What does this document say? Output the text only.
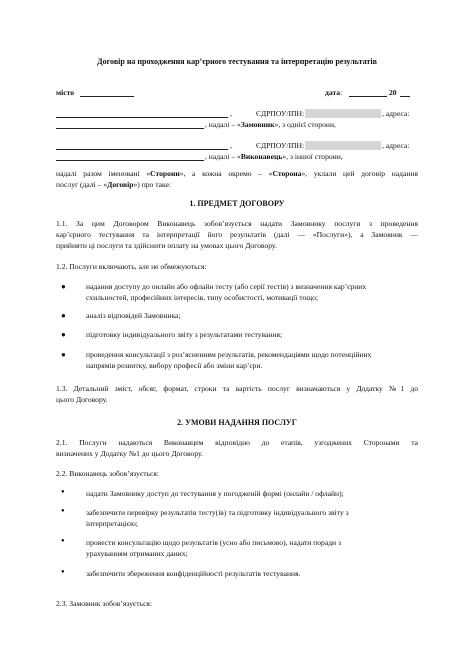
Договір на проходження кар’єрного тестування та інтерпретацію результатів
місто	дата:	20
,	ЄДРПОУ/ІПН:	, адреса:
, надалі – «Замовник», з однієї сторони,
,	ЄДРПОУ/ІПН:	, адреса:
, надалі – «Виконавець», з іншої сторони,
надалі разом іменовані «Сторони», а кожна окремо – «Сторона», уклали цей договір надання
послуг (далі – «Договір») про таке:
1. ПРЕДМЕТ ДОГОВОРУ
1.1. За цим Договором Виконавець зобов’язується надати Замовнику послуги з проведення
кар’єрного тестування та інтерпретації його результатів (далі — «Послуги»), а Замовник —
прийняти ці послуги та здійснити оплату на умовах цього Договору.
1.2. Послуги включають, але не обмежуються:
●	надання доступу до онлайн або офлайн тесту (або серії тестів) з визначення кар’єрних
схильностей, професійних інтересів, типу особистості, мотивації тощо;
●	аналіз відповідей Замовника;
●	підготовку індивідуального звіту з результатами тестування;
●	проведення консультації з роз’ясненням результатів, рекомендаціями щодо потенційних
напрямів розвитку, вибору професії або зміни кар’єри.
1.3. Детальний зміст, обсяг, формат, строки та вартість послуг визначаються у Додатку №1 до
цього Договору.
2. УМОВИ НАДАННЯ ПОСЛУГ
2.1. Послуги надаються Виконавцем відповідно до етапів, узгоджених Сторонами та
визначених у Додатку №1 до цього Договору.
2.2. Виконавець зобов’язується:
●	надати Замовнику доступ до тестування у погодженій формі (онлайн / офлайн);
●	забезпечити перевірку результатів тесту(ів) та підготовку індивідуального звіту з
інтерпретацією;
●	провести консультацію щодо результатів (усно або письмово), надати поради з
урахуванням отриманих даних;
●	забезпечити збереження конфіденційності результатів тестування.
2.3. Замовник зобов’язується:
